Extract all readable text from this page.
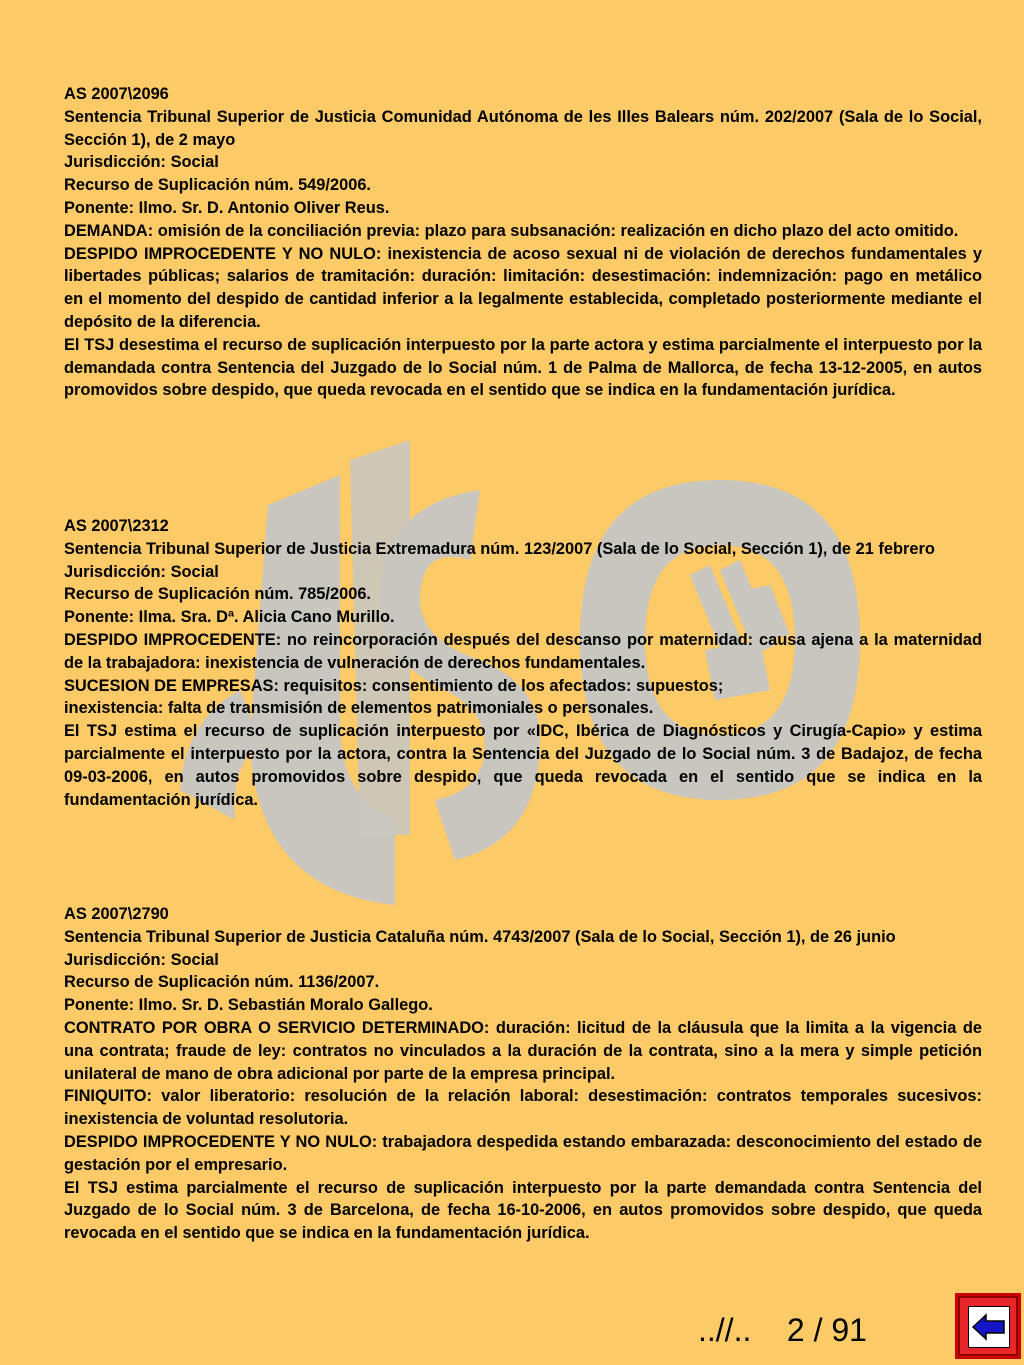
AS 2007\2096

Sentencia Tribunal Superior de Justicia Comunidad Autónoma de les Illes Balears núm. 202/2007 (Sala de lo Social, Sección 1), de 2 mayo

Jurisdicción: Social

Recurso de Suplicación núm. 549/2006.

Ponente: Ilmo. Sr. D. Antonio Oliver Reus.

DEMANDA: omisión de la conciliación previa: plazo para subsanación: realización en dicho plazo del acto omitido.

DESPIDO IMPROCEDENTE Y NO NULO: inexistencia de acoso sexual ni de violación de derechos fundamentales y libertades públicas; salarios de tramitación: duración: limitación: desestimación: indemnización: pago en metálico en el momento del despido de cantidad inferior a la legalmente establecida, completado posteriormente mediante el depósito de la diferencia.

El TSJ desestima el recurso de suplicación interpuesto por la parte actora y estima parcialmente el interpuesto por la demandada contra Sentencia del Juzgado de lo Social núm. 1 de Palma de Mallorca, de fecha 13-12-2005, en autos promovidos sobre despido, que queda revocada en el sentido que se indica en la fundamentación jurídica.

AS 2007\2312

Sentencia Tribunal Superior de Justicia Extremadura núm. 123/2007 (Sala de lo Social, Sección 1), de 21 febrero

Jurisdicción: Social

Recurso de Suplicación núm. 785/2006.

Ponente: Ilma. Sra. Dª. Alicia Cano Murillo.

DESPIDO IMPROCEDENTE: no reincorporación después del descanso por maternidad: causa ajena a la maternidad de la trabajadora: inexistencia de vulneración de derechos fundamentales.

SUCESION DE EMPRESAS: requisitos: consentimiento de los afectados: supuestos;

inexistencia: falta de transmisión de elementos patrimoniales o personales.

El TSJ estima el recurso de suplicación interpuesto por «IDC, Ibérica de Diagnósticos y Cirugía-Capio» y estima parcialmente el interpuesto por la actora, contra la Sentencia del Juzgado de lo Social núm. 3 de Badajoz, de fecha 09-03-2006, en autos promovidos sobre despido, que queda revocada en el sentido que se indica en la fundamentación jurídica.

AS 2007\2790

Sentencia Tribunal Superior de Justicia Cataluña núm. 4743/2007 (Sala de lo Social, Sección 1), de 26 junio

Jurisdicción: Social

Recurso de Suplicación núm. 1136/2007.

Ponente: Ilmo. Sr. D. Sebastián Moralo Gallego.

CONTRATO POR OBRA O SERVICIO DETERMINADO: duración: licitud de la cláusula que la limita a la vigencia de una contrata; fraude de ley: contratos no vinculados a la duración de la contrata, sino a la mera y simple petición unilateral de mano de obra adicional por parte de la empresa principal.

FINIQUITO: valor liberatorio: resolución de la relación laboral: desestimación: contratos temporales sucesivos: inexistencia de voluntad resolutoria.

DESPIDO IMPROCEDENTE Y NO NULO: trabajadora despedida estando embarazada: desconocimiento del estado de gestación por el empresario.

El TSJ estima parcialmente el recurso de suplicación interpuesto por la parte demandada contra Sentencia del Juzgado de lo Social núm. 3 de Barcelona, de fecha 16-10-2006, en autos promovidos sobre despido, que queda revocada en el sentido que se indica en la fundamentación jurídica.

..//.. 2 / 91
